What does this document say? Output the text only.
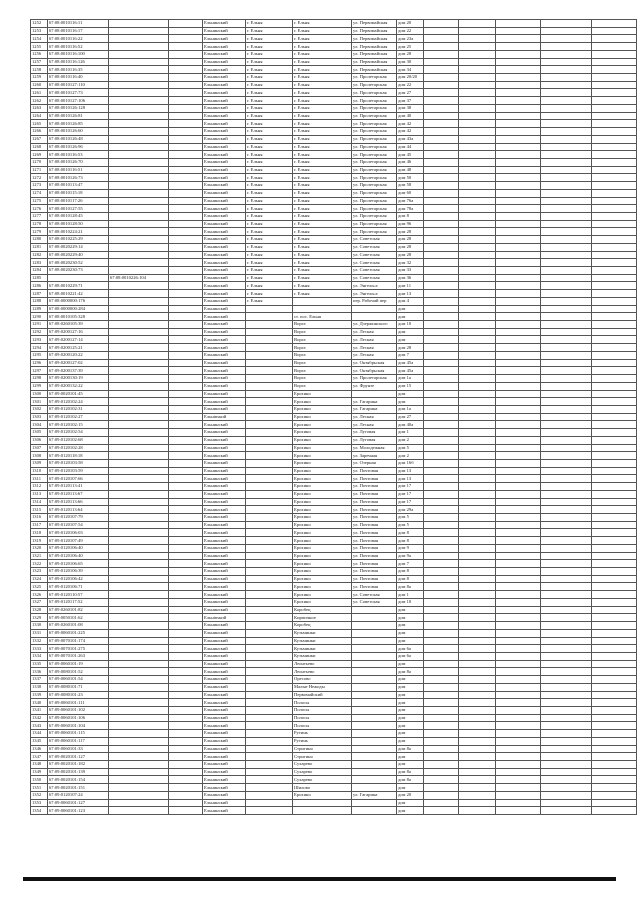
1252	67:08:0010116:11			Ельнинский	г. Ельня	г. Ельня	ул. Первомайская	дом 20					
1253	67:08:0010116:17			Ельнинский	г. Ельня	г. Ельня	ул. Первомайская	дом 22					
1254	67:08:0010116:22			Ельнинский	г. Ельня	г. Ельня	ул. Первомайская	дом 23а					
1255	67:08:0010116:52			Ельнинский	г. Ельня	г. Ельня	ул. Первомайская	дом 25					
1256	67:08:0010116:100			Ельнинский	г. Ельня	г. Ельня	ул. Первомайская	дом 28					
1257	67:08:0010116:126			Ельнинский	г. Ельня	г. Ельня	ул. Первомайская	дом 30					
1258	67:08:0010116:35			Ельнинский	г. Ельня	г. Ельня	ул. Первомайская	дом 34					
1259	67:08:0010116:40			Ельнинский	г. Ельня	г. Ельня	ул. Пролетарская	дом 20/20					
1260	67:08:0010127:110			Ельнинский	г. Ельня	г. Ельня	ул. Пролетарская	дом 22					
1261	67:08:0010127:73			Ельнинский	г. Ельня	г. Ельня	ул. Пролетарская	дом 27					
1262	67:08:0010127:106			Ельнинский	г. Ельня	г. Ельня	ул. Пролетарская	дом 37					
1263	67:08:0010126:128			Ельнинский	г. Ельня	г. Ельня	ул. Пролетарская	дом 38					
1264	67:08:0010126:81			Ельнинский	г. Ельня	г. Ельня	ул. Пролетарская	дом 40					
1265	67:08:0010126:85			Ельнинский	г. Ельня	г. Ельня	ул. Пролетарская	дом 42					
1266	67:08:0010126:60			Ельнинский	г. Ельня	г. Ельня	ул. Пролетарская	дом 42					
1267	67:08:0010126:48			Ельнинский	г. Ельня	г. Ельня	ул. Пролетарская	дом 43а					
1268	67:08:0010126:96			Ельнинский	г. Ельня	г. Ельня	ул. Пролетарская	дом 44					
1269	67:08:0010116:53			Ельнинский	г. Ельня	г. Ельня	ул. Пролетарская	дом 45					
1270	67:08:0010126:70			Ельнинский	г. Ельня	г. Ельня	ул. Пролетарская	дом 46					
1271	67:08:0010116:51			Ельнинский	г. Ельня	г. Ельня	ул. Пролетарская	дом 48					
1272	67:08:0010126:73			Ельнинский	г. Ельня	г. Ельня	ул. Пролетарская	дом 50					
1273	67:08:0010113:47			Ельнинский	г. Ельня	г. Ельня	ул. Пролетарская	дом 58					
1274	67:08:0010115:18			Ельнинский	г. Ельня	г. Ельня	ул. Пролетарская	дом 60					
1275	67:08:0010117:26			Ельнинский	г. Ельня	г. Ельня	ул. Пролетарская	дом 76а					
1276	67:08:0010127:55			Ельнинский	г. Ельня	г. Ельня	ул. Пролетарская	дом 78а					
1277	67:08:0010128:45			Ельнинский	г. Ельня	г. Ельня	ул. Пролетарская	дом 8					
1278	67:08:0010128:50			Ельнинский	г. Ельня	г. Ельня	ул. Пролетарская	дом 96					
1279	67:08:0010224:21			Ельнинский	г. Ельня	г. Ельня	ул. Пролетарская	дом 28					
1280	67:08:0010225:29			Ельнинский	г. Ельня	г. Ельня	ул. Советская	дом 28					
1281	67:08:0020229:14			Ельнинский	г. Ельня	г. Ельня	ул. Советская	дом 28					
1282	67:08:0020229:40			Ельнинский	г. Ельня	г. Ельня	ул. Советская	дом 28					
1283	67:08:0020230:52			Ельнинский	г. Ельня	г. Ельня	ул. Советская	дом 32					
1284	67:08:0020230:73			Ельнинский	г. Ельня	г. Ельня	ул. Советская	дом 33					
1285		67:08:0010226:104		Ельнинский	г. Ельня	г. Ельня	ул. Советская	дом 36					
1286	67:08:0010229:71			Ельнинский	г. Ельня	г. Ельня	ул. Энгельса	дом 11					
1287	67:08:0010221:42			Ельнинский	г. Ельня	г. Ельня	ул. Энгельса	дом 13					
1288	67:08:0000000:176			Ельнинский	г. Ельня		пер. Рабочий пер	дом 4					
1289	67:08:0000000:284			Ельнинский				дом					
1290	67:08:0010105:328			Ельнинский		ст. пос. Ельня		дом					
1291	67:08:0260105:39			Ельнинский		Ворга	ул. Дзержинского	дом 10					
1292	67:09:0200127:16			Ельнинский		Ворга	ул. Лесная	дом					
1293	67:09:0200127:14			Ельнинский		Ворга	ул. Лесная	дом					
1294	67:09:0200125:21			Ельнинский		Ворга	ул. Лесная	дом 28					
1295	67:09:0200120:22			Ельнинский		Ворга	ул. Лесная	дом 7					
1296	67:09:0200127:02			Ельнинский		Ворга	ул. Октябрьская	дом 45а					
1297	67:09:0200137:39			Ельнинский		Ворга	ул. Октябрьская	дом 45а					
1298	67:09:0200130:19			Ельнинский		Ворга	ул. Пролетарская	дом 1а					
1299	67:09:0200132:22			Ельнинский		Ворга	ул. Фрунзе	дом 15					
1300	67:09:0020101:45			Ельнинский		Ерохино		дом					
1301	67:09:0120102:24			Ельнинский		Ерохино	ул. Гагарина	дом					
1302	67:09:0120102:31			Ельнинский		Ерохино	ул. Гагарина	дом 1а					
1303	67:09:0120102:27			Ельнinsкий		Ерохино	ул. Лесная	дом 27					
1304	67:09:0120102:15			Ельнинский		Ерохино	ул. Лесная	дом 40а					
1305	67:09:0120102:54			Ельнинский		Ерохино	ул. Луговая	дом 1					
1306	67:09:0120102:68			Ельнинский		Ерохино	ул. Луговая	дом 2					
1307	67:09:0120102:28			Ельнинский		Ерохино	ул. Молодежная	дом 5					
1308	67:09:0120118:18			Ельнинский		Ерохино	ул. Заречная	дом 2					
1309	67:09:0120103:58			Ельнинский		Ерохино	ул. Озерная	дом 16б					
1310	67:09:0120103:59			Ельнинский		Ерохино	ул. Почтовая	дом 13					
1311	67:09:0120107:66			Ельнинский		Ерохино	ул. Почтовая	дом 13					
1312	67:09:0120113:41			Ельнинский		Ерохино	ул. Почтовая	дом 17					
1313	67:09:0120113:67			Ельнинский		Ерохино	ул. Почтовая	дом 17					
1314	67:09:0120113:66			Ельнинский		Ерохино	ул. Почтовая	дом 17					
1315	67:09:0120113:64			Ельнинский		Ерохино	ул. Почтовая	дом 29а					
1316	67:09:0120107:79			Ельнинский		Ерохино	ул. Почтовая	дом 5					
1317	67:09:0120107:54			Ельнинский		Ерохино	ул. Почтовая	дом 5					
1318	67:09:0120106:03			Ельнинский		Ерохино	ул. Почтовая	дом 8					
1319	67:09:0120107:49			Ельнинский		Ерохино	ул. Почтовая	дом 8					
1320	67:09:0120106:40			Ельнинский		Ерохино	ул. Почтовая	дом 9					
1321	67:09:0120106:40			Ельнинский		Ерохино	ул. Почтовая	дом 9а					
1322	67:09:0120106:65			Ельнинский		Ерохино	ул. Почтовая	дом 7					
1323	67:09:0120106:39			Ельнинский		Ерохино	ул. Почтовая	дом 8					
1324	67:09:0120106:42			Ельнинский		Ерохино	ул. Почтовая	дом 8					
1325	67:09:0120106:71			Ельнинский		Ерохино	ул. Почтовая	дом 8а					
1326	67:09:0120110:57			Ельнинский		Ерохино	ул. Советская	дом 1					
1327	67:09:0120117:52			Ельнинский		Ерохино	ул. Советская	дом 10					
1328	67:09:0260101:82			Ельнинский		Коробец		дом					
1329	67:09:0050101:62			Ельнinsкий		Кирпичное		дом					
1330	67:09:0260101:08			Ельнинский		Коробец		дом					
1331	67:09:0060101:225			Ельнинский		Кузьминки		дом					
1332	67:09:0070101:174			Ельнинский		Кузьминки		дом					
1333	67:09:0070101:275			Ельнинский		Кузьминки		дом 6а					
1334	67:09:0070101:263			Ельнинский		Кузьминки		дом 6а					
1335	67:09:0060101:19			Ельнинский		Леонтьево		дом					
1336	67:09:0080101:52			Ельнинский		Леонтьево		дом 8а					
1337	67:09:0060101:54			Ельнинский		Оресово		дом					
1338	67:09:0080101:71			Ельнинский		Малые Нежоды		дом					
1339	67:09:0080101:23			Ельнинский		Первомайский		дом					
1340	67:09:0060101:111			Ельнинский		Полосы		дом					
1341	67:09:0060101:102			Ельнинский		Полосы		дом					
1342	67:09:0060101:106			Ельнинский		Полосы		дом					
1343	67:09:0060101:104			Ельнинский		Полосы		дом					
1344	67:09:0060101:115			Ельнинский		Рутинь		дом					
1345	67:09:0060101:117			Ельнинский		Рутинь		дом					
1346	67:09:0060101:33			Ельнинский		Стригино		дом 8а					
1347	67:09:0020101:127			Ельнинский		Стригино		дом					
1348	67:09:0020101:182			Ельнинский		Сухарево		дом					
1349	67:09:0020101:139			Ельнинский		Сухарево		дом 8а					
1350	67:09:0020101:154			Ельнинский		Сухарево		дом 8а					
1351	67:09:0020101:151			Ельнинский		Шилово		дом					
1352	67:09:0120107:24			Ельнинский		Ерохино	ул. Гагарина	дом 20					
1353	67:09:0060101:127			Ельнинский				дом					
1354	67:09:0060101:123			Ельнинский				дом					
